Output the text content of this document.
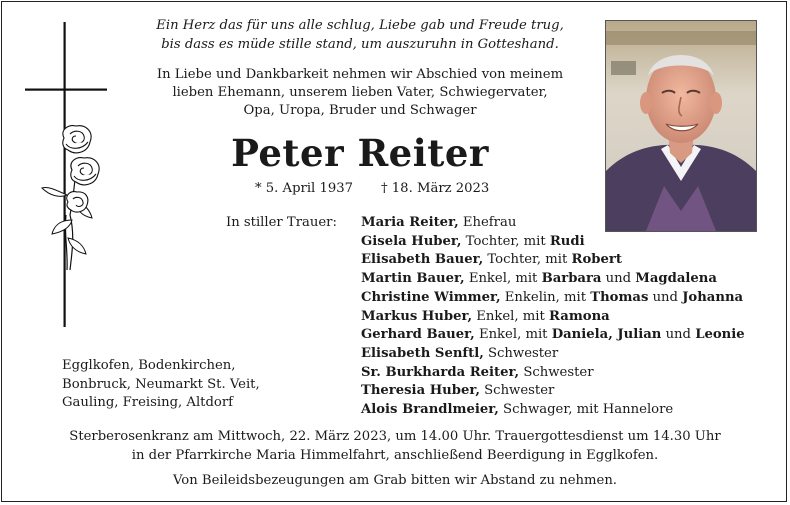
Ein Herz das für uns alle schlug, Liebe gab und Freude trug,
bis dass es müde stille stand, um auszuruhn in Gotteshand.
In Liebe und Dankbarkeit nehmen wir Abschied von meinem
lieben Ehemann, unserem lieben Vater, Schwiegervater,
Opa, Uropa, Bruder und Schwager
Peter Reiter
* 5. April 1937 † 18. März 2023
In stiller Trauer: Maria Reiter, Ehefrau
Gisela Huber, Tochter, mit Rudi
Elisabeth Bauer, Tochter, mit Robert
Martin Bauer, Enkel, mit Barbara und Magdalena
Christine Wimmer, Enkelin, mit Thomas und Johanna
Markus Huber, Enkel, mit Ramona
Gerhard Bauer, Enkel, mit Daniela, Julian und Leonie
Elisabeth Senftl, Schwester
Sr. Burkharda Reiter, Schwester
Theresia Huber, Schwester
Alois Brandlmeier, Schwager, mit Hannelore
Egglkofen, Bodenkirchen,
Bonbruck, Neumarkt St. Veit,
Gauling, Freising, Altdorf
Sterberosenkranz am Mittwoch, 22. März 2023, um 14.00 Uhr. Trauergottesdienst um 14.30 Uhr
in der Pfarrkirche Maria Himmelfahrt, anschließend Beerdigung in Egglkofen.
Von Beileidsbezeugungen am Grab bitten wir Abstand zu nehmen.
